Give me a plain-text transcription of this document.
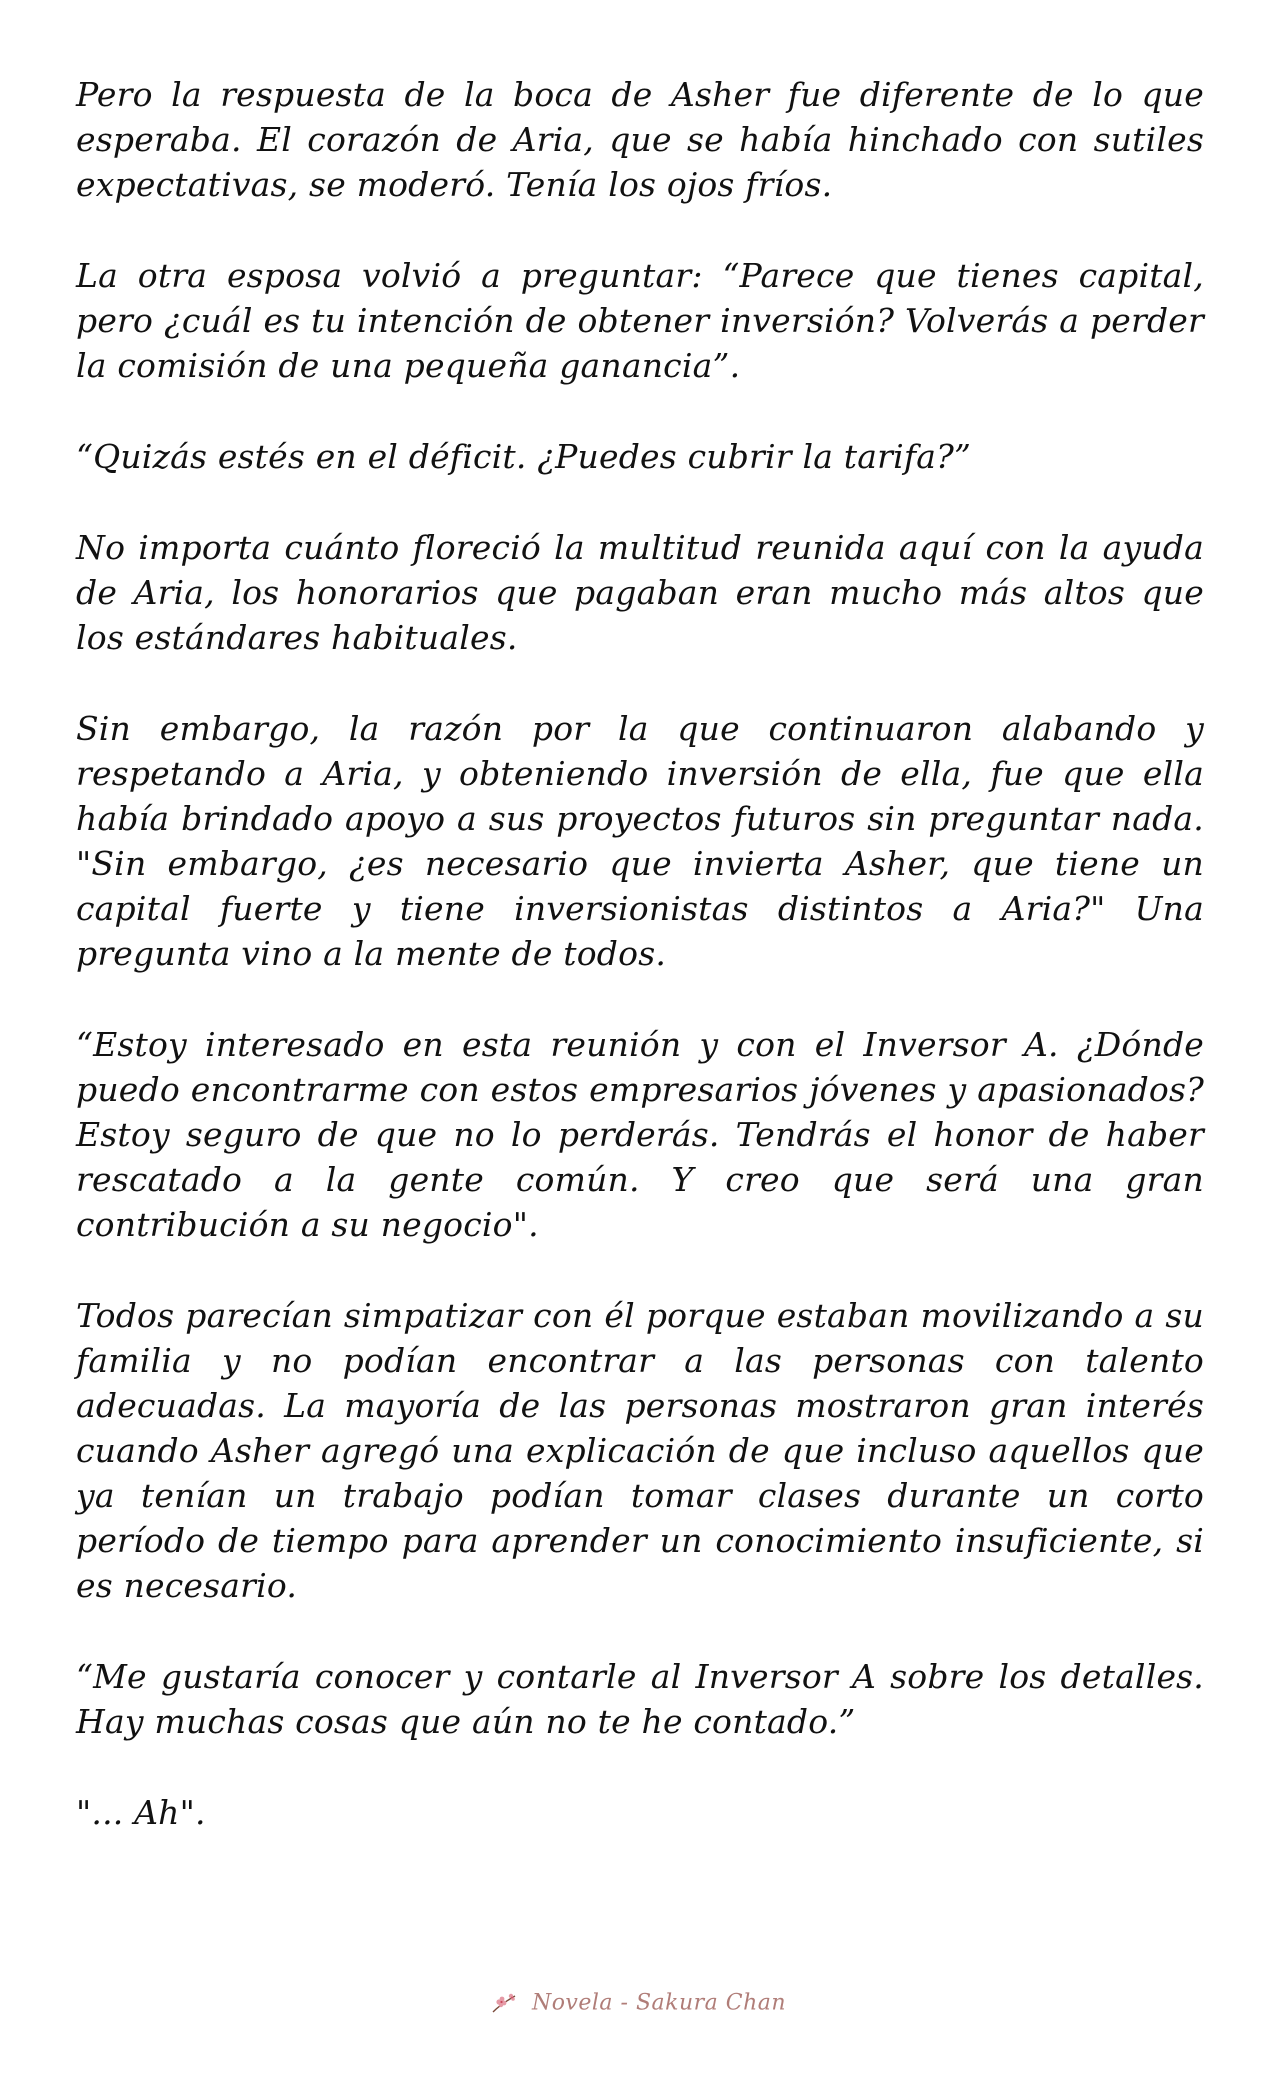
Pero la respuesta de la boca de Asher fue diferente de lo que esperaba. El corazón de Aria, que se había hinchado con sutiles expectativas, se moderó. Tenía los ojos fríos.

La otra esposa volvió a preguntar: “Parece que tienes capital, pero ¿cuál es tu intención de obtener inversión? Volverás a perder la comisión de una pequeña ganancia”.

“Quizás estés en el déficit. ¿Puedes cubrir la tarifa?”

No importa cuánto floreció la multitud reunida aquí con la ayuda de Aria, los honorarios que pagaban eran mucho más altos que los estándares habituales.

Sin embargo, la razón por la que continuaron alabando y respetando a Aria, y obteniendo inversión de ella, fue que ella había brindado apoyo a sus proyectos futuros sin preguntar nada. "Sin embargo, ¿es necesario que invierta Asher, que tiene un capital fuerte y tiene inversionistas distintos a Aria?" Una pregunta vino a la mente de todos.

“Estoy interesado en esta reunión y con el Inversor A. ¿Dónde puedo encontrarme con estos empresarios jóvenes y apasionados? Estoy seguro de que no lo perderás. Tendrás el honor de haber rescatado a la gente común. Y creo que será una gran contribución a su negocio".

Todos parecían simpatizar con él porque estaban movilizando a su familia y no podían encontrar a las personas con talento adecuadas. La mayoría de las personas mostraron gran interés cuando Asher agregó una explicación de que incluso aquellos que ya tenían un trabajo podían tomar clases durante un corto período de tiempo para aprender un conocimiento insuficiente, si es necesario.

“Me gustaría conocer y contarle al Inversor A sobre los detalles. Hay muchas cosas que aún no te he contado.”

"... Ah".

Novela - Sakura Chan
